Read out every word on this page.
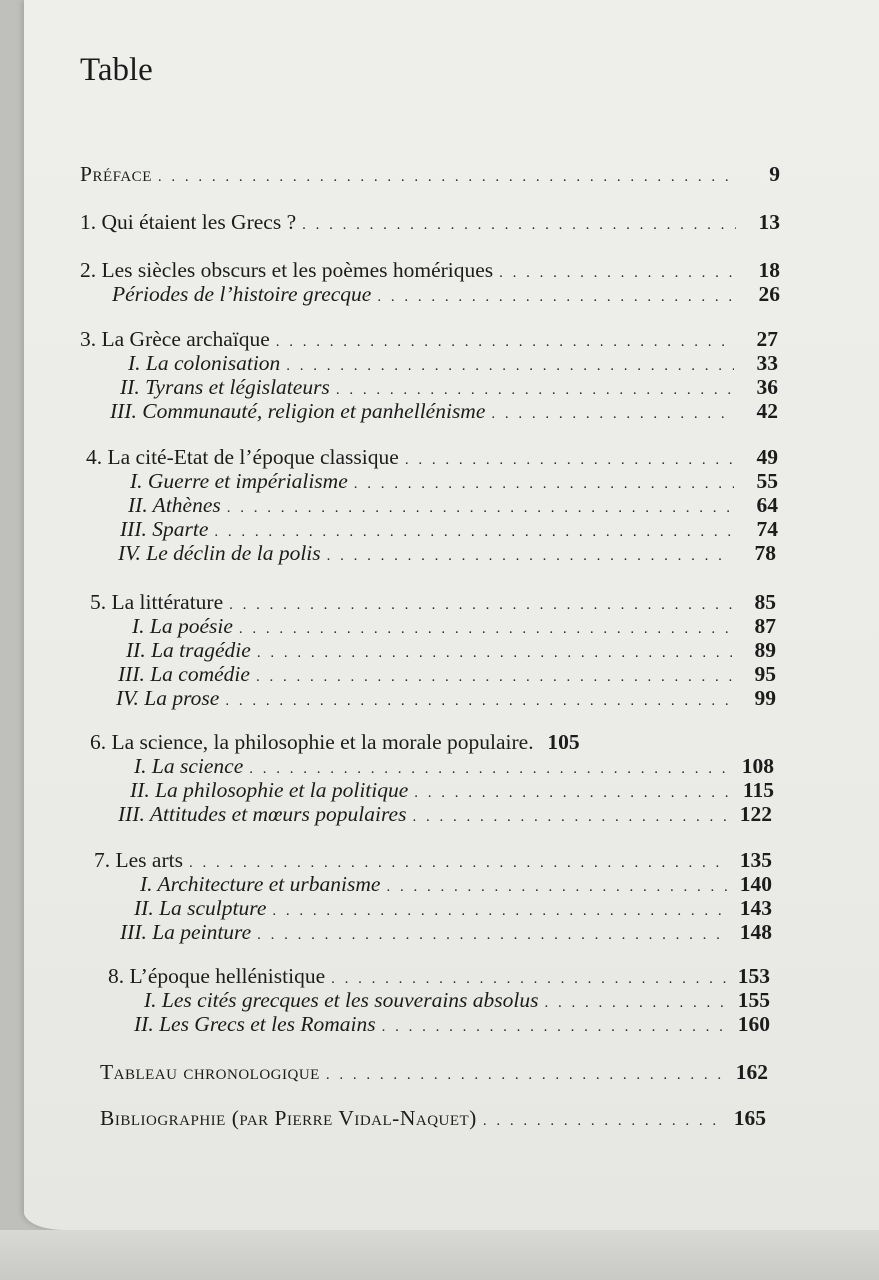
Table
Préface . . .	9
1. Qui étaient les Grecs ? . . .	13
2. Les siècles obscurs et les poèmes homériques . . .	18
Périodes de l’histoire grecque . . .	26
3. La Grèce archaïque . . .	27
I. La colonisation . . .	33
II. Tyrans et législateurs . . .	36
III. Communauté, religion et panhellénisme . . .	42
4. La cité-Etat de l’époque classique . . .	49
I. Guerre et impérialisme . . .	55
II. Athènes . . .	64
III. Sparte . . .	74
IV. Le déclin de la polis . . .	78
5. La littérature . . .	85
I. La poésie . . .	87
II. La tragédie . . .	89
III. La comédie . . .	95
IV. La prose . . .	99
6. La science, la philosophie et la morale populaire. 105
I. La science . . .	108
II. La philosophie et la politique . . .	115
III. Attitudes et mœurs populaires . . .	122
7. Les arts . . .	135
I. Architecture et urbanisme . . .	140
II. La sculpture . . .	143
III. La peinture . . .	148
8. L’époque hellénistique . . .	153
I. Les cités grecques et les souverains absolus . . .	155
II. Les Grecs et les Romains . . .	160
Tableau chronologique . . .	162
Bibliographie (par Pierre Vidal-Naquet) . . .	165
